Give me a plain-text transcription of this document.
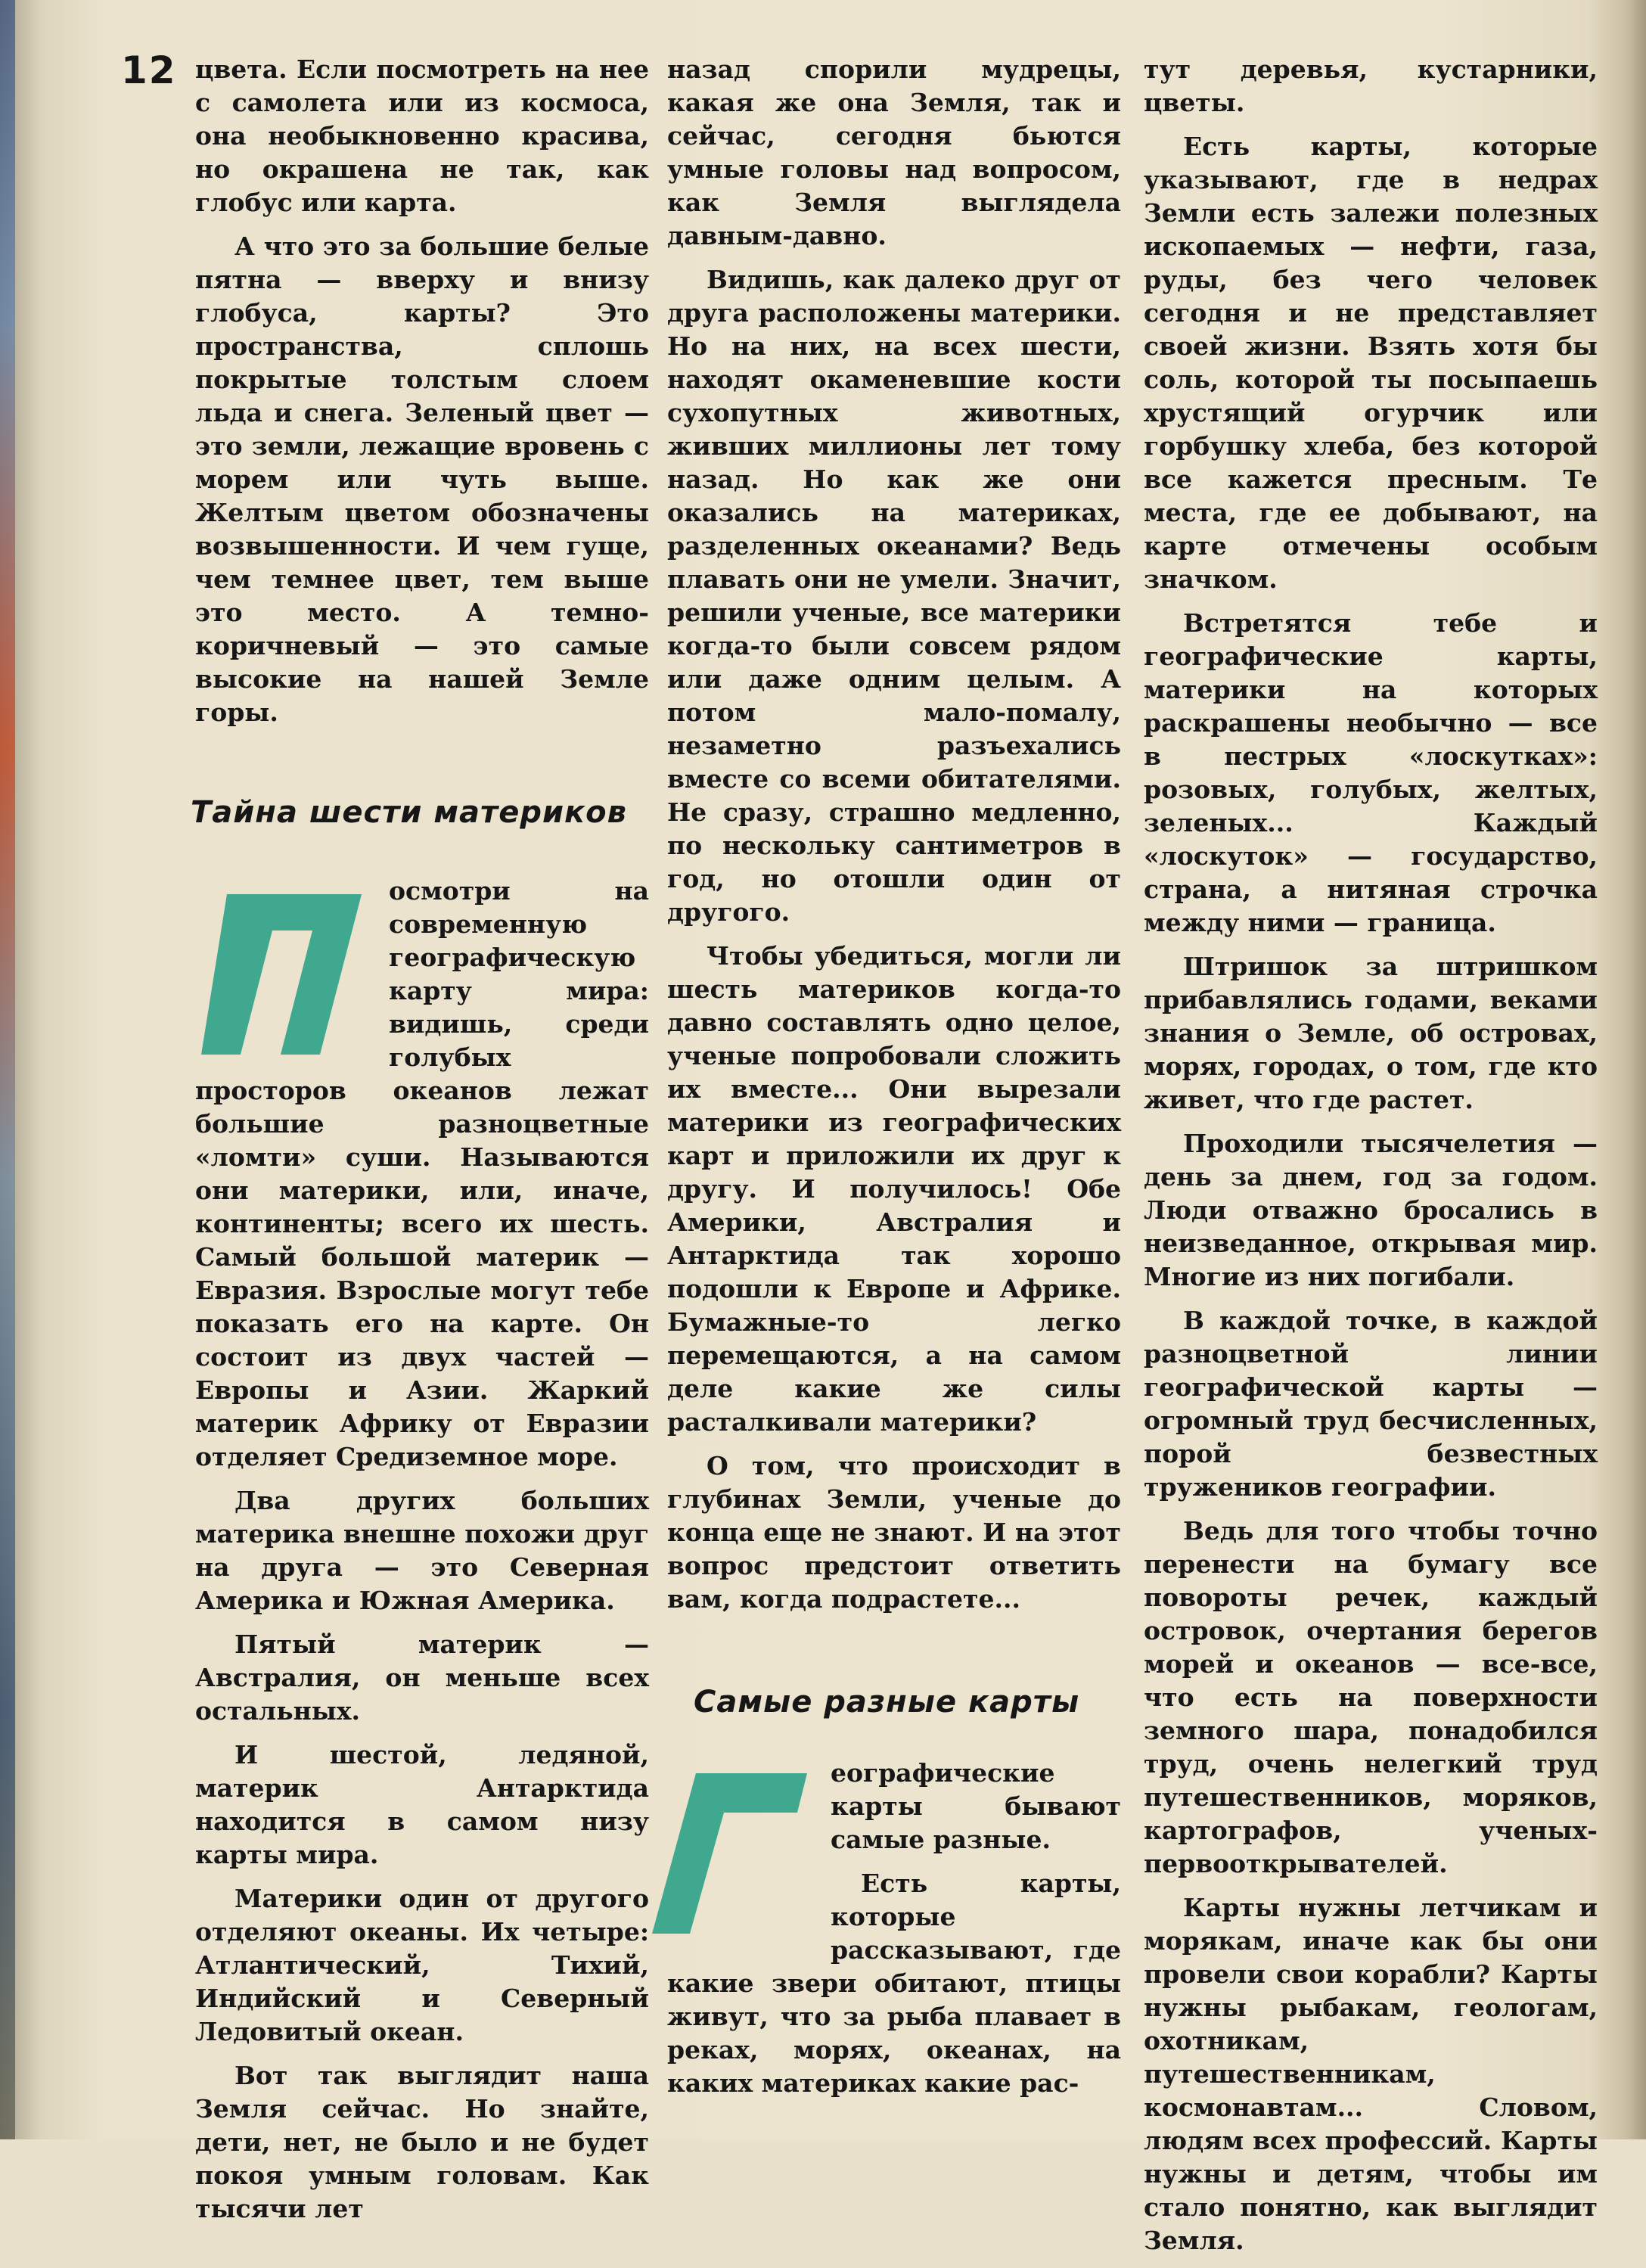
12 цвета. Если посмотреть на нее с самолета или из космоса, она необыкновенно красива, но окрашена не так, как глобус или карта.

А что это за большие белые пятна — вверху и внизу глобуса, карты? Это пространства, сплошь покрытые толстым слоем льда и снега. Зеленый цвет — это земли, лежащие вровень с морем или чуть выше. Желтым цветом обозначены возвышенности. И чем гуще, чем темнее цвет, тем выше это место. А темно-коричневый — это самые высокие на нашей Земле горы.

Тайна шести материков

осмотри на современную географическую карту мира: видишь, среди голубых просторов океанов лежат большие разноцветные «ломти» суши. Называются они материки, или, иначе, континенты; всего их шесть. Самый большой материк — Евразия. Взрослые могут тебе показать его на карте. Он состоит из двух частей — Европы и Азии. Жаркий материк Африку от Евразии отделяет Средиземное море.

Два других больших материка внешне похожи друг на друга — это Северная Америка и Южная Америка.

Пятый материк — Австралия, он меньше всех остальных.

И шестой, ледяной, материк Антарктида находится в самом низу карты мира.

Материки один от другого отделяют океаны. Их четыре: Атлантический, Тихий, Индийский и Северный Ледовитый океан.

Вот так выглядит наша Земля сейчас. Но знайте, дети, нет, не было и не будет покоя умным головам. Как тысячи лет

назад спорили мудрецы, какая же она Земля, так и сейчас, сегодня бьются умные головы над вопросом, как Земля выглядела давным-давно.

Видишь, как далеко друг от друга расположены материки. Но на них, на всех шести, находят окаменевшие кости сухопутных животных, живших миллионы лет тому назад. Но как же они оказались на материках, разделенных океанами? Ведь плавать они не умели. Значит, решили ученые, все материки когда-то были совсем рядом или даже одним целым. А потом мало-помалу, незаметно разъехались вместе со всеми обитателями. Не сразу, страшно медленно, по нескольку сантиметров в год, но отошли один от другого.

Чтобы убедиться, могли ли шесть материков когда-то давно составлять одно целое, ученые попробовали сложить их вместе... Они вырезали материки из географических карт и приложили их друг к другу. И получилось! Обе Америки, Австралия и Антарктида так хорошо подошли к Европе и Африке. Бумажные-то легко перемещаются, а на самом деле какие же силы расталкивали материки?

О том, что происходит в глубинах Земли, ученые до конца еще не знают. И на этот вопрос предстоит ответить вам, когда подрастете...

Самые разные карты

еографические карты бывают самые разные.

Есть карты, которые рассказывают, где какие звери обитают, птицы живут, что за рыба плавает в реках, морях, океанах, на каких материках какие рас-

тут деревья, кустарники, цветы.

Есть карты, которые указывают, где в недрах Земли есть залежи полезных ископаемых — нефти, газа, руды, без чего человек сегодня и не представляет своей жизни. Взять хотя бы соль, которой ты посыпаешь хрустящий огурчик или горбушку хлеба, без которой все кажется пресным. Те места, где ее добывают, на карте отмечены особым значком.

Встретятся тебе и географические карты, материки на которых раскрашены необычно — все в пестрых «лоскутках»: розовых, голубых, желтых, зеленых... Каждый «лоскуток» — государство, страна, а нитяная строчка между ними — граница.

Штришок за штришком прибавлялись годами, веками знания о Земле, об островах, морях, городах, о том, где кто живет, что где растет.

Проходили тысячелетия — день за днем, год за годом. Люди отважно бросались в неизведанное, открывая мир. Многие из них погибали.

В каждой точке, в каждой разноцветной линии географической карты — огромный труд бесчисленных, порой безвестных тружеников географии.

Ведь для того чтобы точно перенести на бумагу все повороты речек, каждый островок, очертания берегов морей и океанов — все-все, что есть на поверхности земного шара, понадобился труд, очень нелегкий труд путешественников, моряков, картографов, ученых-первооткрывателей.

Карты нужны летчикам и морякам, иначе как бы они провели свои корабли? Карты нужны рыбакам, геологам, охотникам, путешественникам, космонавтам... Словом, людям всех профессий. Карты нужны и детям, чтобы им стало понятно, как выглядит Земля.
